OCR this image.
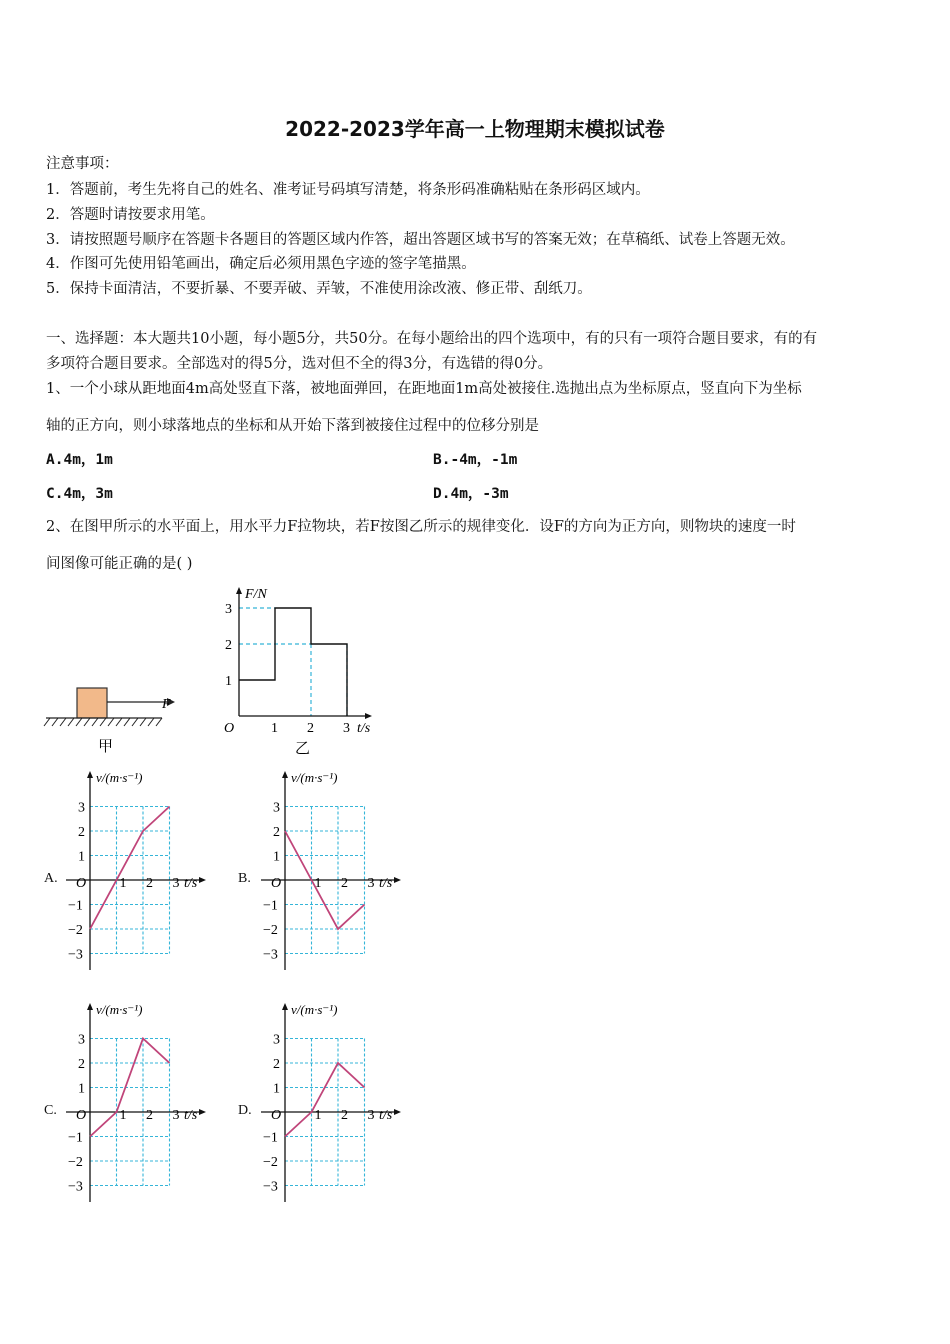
2022-2023学年高一上物理期末模拟试卷
注意事项：
1．答题前，考生先将自己的姓名、准考证号码填写清楚，将条形码准确粘贴在条形码区域内。
2．答题时请按要求用笔。
3．请按照题号顺序在答题卡各题目的答题区域内作答，超出答题区域书写的答案无效；在草稿纸、试卷上答题无效。
4．作图可先使用铅笔画出，确定后必须用黑色字迹的签字笔描黑。
5．保持卡面清洁，不要折暴、不要弄破、弄皱，不准使用涂改液、修正带、刮纸刀。
一、选择题：本大题共10小题，每小题5分，共50分。在每小题给出的四个选项中，有的只有一项符合题目要求，有的有
多项符合题目要求。全部选对的得5分，选对但不全的得3分，有选错的得0分。
1、一个小球从距地面4m高处竖直下落，被地面弹回，在距地面1m高处被接住.选抛出点为坐标原点，竖直向下为坐标
轴的正方向，则小球落地点的坐标和从开始下落到被接住过程中的位移分别是
A.4m，1m	B.-4m，-1m
C.4m，3m	D.4m，-3m
2、在图甲所示的水平面上，用水平力F拉物块，若F按图乙所示的规律变化．设F的方向为正方向，则物块的速度一时
间图像可能正确的是( )
F
甲
1 2 3
1
2
3
F/N
t/s
O
乙
A.	B.
C.	D.
v/(m·s⁻¹)
t/s
O 1 2 3
3
2
1
−1
−2
−3
v/(m·s⁻¹)
t/s
O 1 2 3
3
2
1
−1
−2
−3
v/(m·s⁻¹)
t/s
O 1 2 3
3
2
1
−1
−2
−3
v/(m·s⁻¹)
t/s
O 1 2 3
3
2
1
−1
−2
−3
